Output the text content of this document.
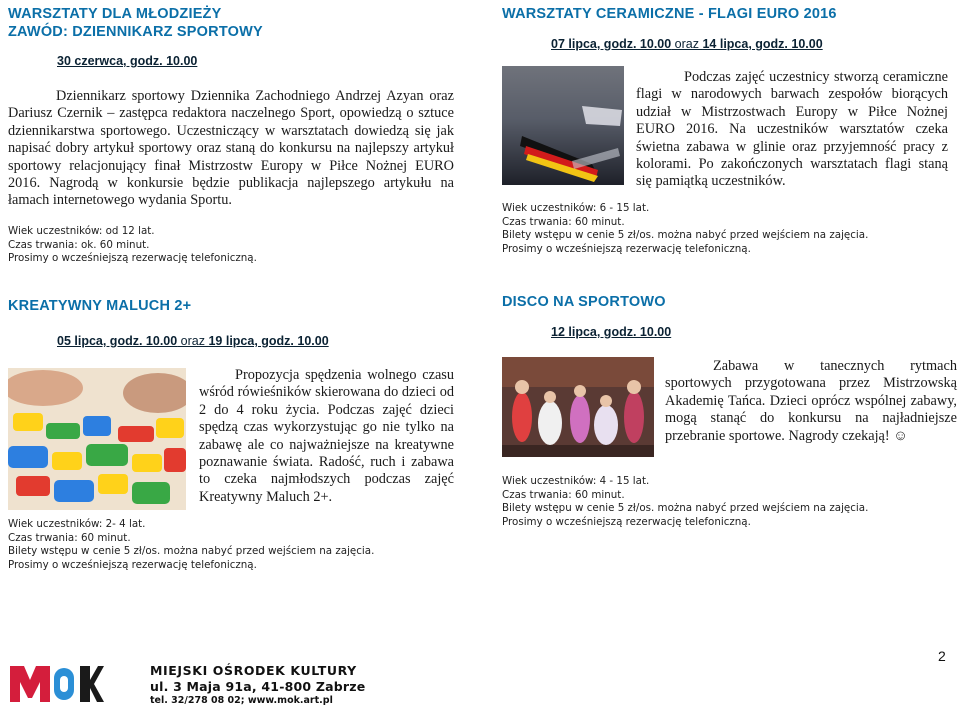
WARSZTATY DLA MŁODZIEŻY
ZAWÓD: DZIENNIKARZ SPORTOWY
30 czerwca, godz. 10.00
Dziennikarz sportowy Dziennika Zachodniego Andrzej Azyan oraz Dariusz Czernik – zastępca redaktora naczelnego Sport, opowiedzą o sztuce dziennikarstwa sportowego. Uczestniczący w warsztatach dowiedzą się jak napisać dobry artykuł sportowy oraz staną do konkursu na najlepszy artykuł sportowy relacjonujący finał Mistrzostw Europy w Piłce Nożnej EURO 2016. Nagrodą w konkursie będzie publikacja najlepszego artykułu na łamach internetowego wydania Sportu.
Wiek uczestników: od 12 lat.
Czas trwania: ok. 60 minut.
Prosimy o wcześniejszą rezerwację telefoniczną.
WARSZTATY CERAMICZNE - FLAGI EURO 2016
07 lipca, godz. 10.00 oraz 14 lipca, godz. 10.00
Podczas zajęć uczestnicy stworzą ceramiczne flagi w narodowych barwach zespołów biorących udział w Mistrzostwach Europy w Piłce Nożnej EURO 2016. Na uczestników warsztatów czeka świetna zabawa w glinie oraz przyjemność pracy z kolorami. Po zakończonych warsztatach flagi staną się pamiątką uczestników.
Wiek uczestników: 6 - 15 lat.
Czas trwania: 60 minut.
Bilety wstępu w cenie 5 zł/os. można nabyć przed wejściem na zajęcia.
Prosimy o wcześniejszą rezerwację telefoniczną.
KREATYWNY MALUCH 2+
05 lipca, godz. 10.00 oraz 19 lipca, godz. 10.00
Propozycja spędzenia wolnego czasu wśród rówieśników skierowana do dzieci od 2 do 4 roku życia. Podczas zajęć dzieci spędzą czas wykorzystując go nie tylko na zabawę ale co najważniejsze na kreatywne poznawanie świata. Radość, ruch i zabawa to czeka najmłodszych podczas zajęć Kreatywny Maluch 2+.
Wiek uczestników: 2- 4 lat.
Czas trwania: 60 minut.
Bilety wstępu w cenie 5 zł/os. można nabyć przed wejściem na zajęcia.
Prosimy o wcześniejszą rezerwację telefoniczną.
DISCO NA SPORTOWO
12 lipca, godz. 10.00
Zabawa w tanecznych rytmach sportowych przygotowana przez Mistrzowską Akademię Tańca. Dzieci oprócz wspólnej zabawy, mogą stanąć do konkursu na najładniejsze przebranie sportowe. Nagrody czekają! ☺
Wiek uczestników: 4 - 15 lat.
Czas trwania: 60 minut.
Bilety wstępu w cenie 5 zł/os. można nabyć przed wejściem na zajęcia.
Prosimy o wcześniejszą rezerwację telefoniczną.
MIEJSKI OŚRODEK KULTURY
ul. 3 Maja 91a, 41-800 Zabrze
tel. 32/278 08 02; www.mok.art.pl
2
